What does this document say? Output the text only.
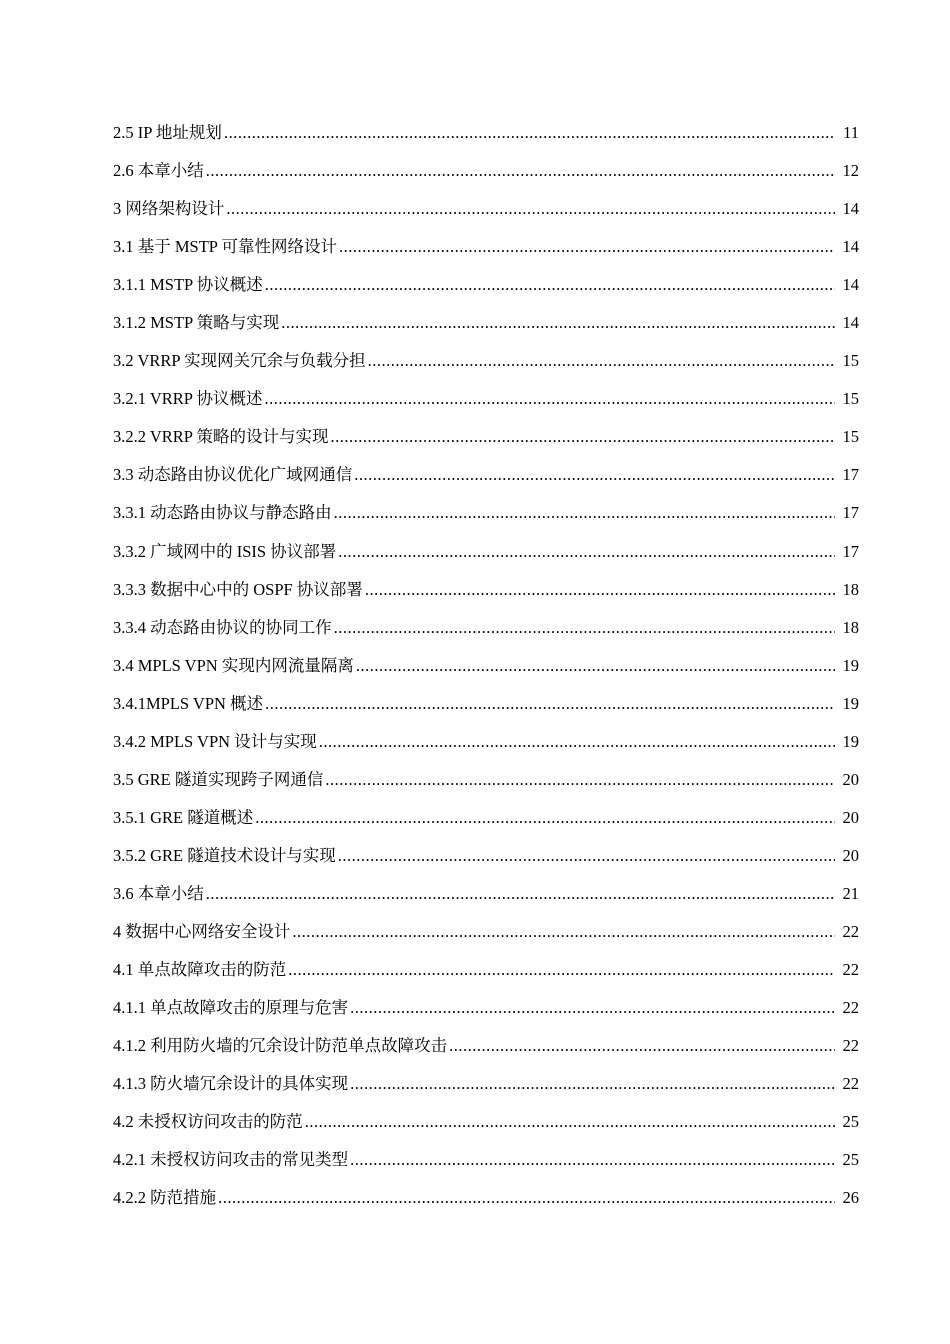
2.5 IP 地址规划 .....	11
2.6 本章小结 .....	12
3 网络架构设计 .....	14
3.1 基于 MSTP 可靠性网络设计 .....	14
3.1.1 MSTP 协议概述 .....	14
3.1.2 MSTP 策略与实现 .....	14
3.2 VRRP 实现网关冗余与负载分担 .....	15
3.2.1 VRRP 协议概述 .....	15
3.2.2 VRRP 策略的设计与实现 .....	15
3.3 动态路由协议优化广域网通信 .....	17
3.3.1 动态路由协议与静态路由 .....	17
3.3.2 广域网中的 ISIS 协议部署 .....	17
3.3.3 数据中心中的 OSPF 协议部署 .....	18
3.3.4 动态路由协议的协同工作 .....	18
3.4 MPLS VPN 实现内网流量隔离 .....	19
3.4.1MPLS VPN 概述 .....	19
3.4.2 MPLS VPN 设计与实现 .....	19
3.5 GRE 隧道实现跨子网通信 .....	20
3.5.1 GRE 隧道概述 .....	20
3.5.2 GRE 隧道技术设计与实现 .....	20
3.6 本章小结 .....	21
4 数据中心网络安全设计 .....	22
4.1 单点故障攻击的防范 .....	22
4.1.1 单点故障攻击的原理与危害 .....	22
4.1.2 利用防火墙的冗余设计防范单点故障攻击 .....	22
4.1.3 防火墙冗余设计的具体实现 .....	22
4.2 未授权访问攻击的防范 .....	25
4.2.1 未授权访问攻击的常见类型 .....	25
4.2.2 防范措施 .....	26
